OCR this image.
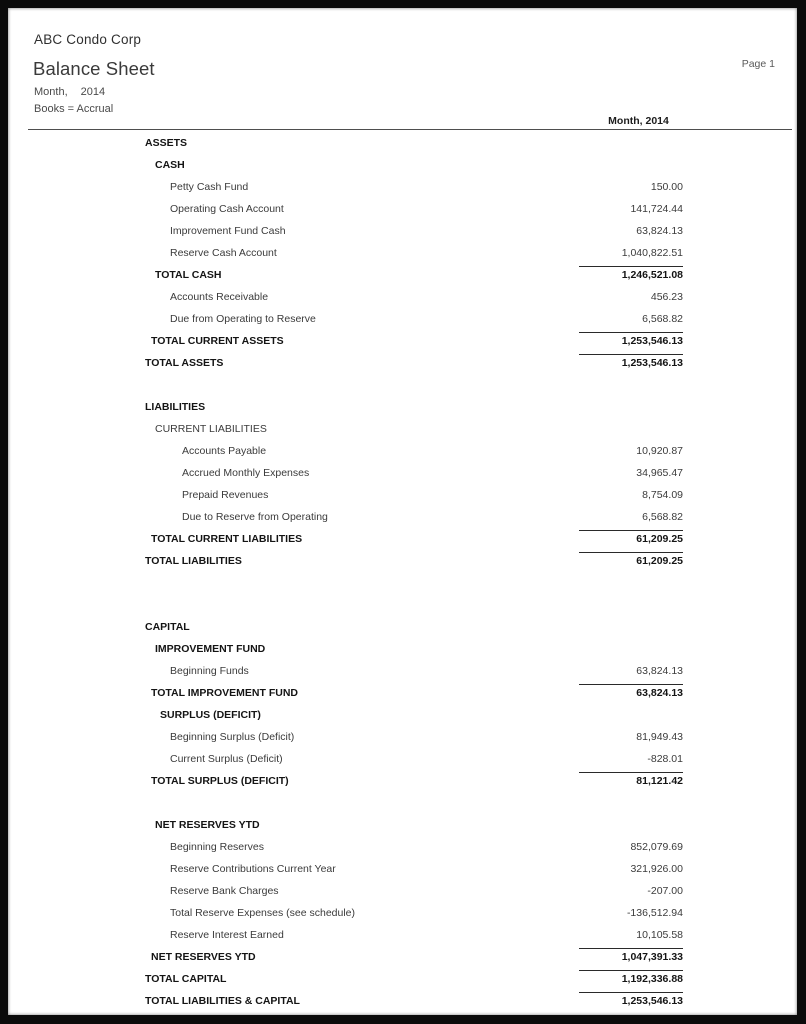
ABC Condo Corp
Balance Sheet
Month, 2014
Books = Accrual
Page 1
Month, 2014
ASSETS
CASH
Petty Cash Fund	150.00
Operating Cash Account	141,724.44
Improvement Fund Cash	63,824.13
Reserve Cash Account	1,040,822.51
TOTAL CASH	1,246,521.08
Accounts Receivable	456.23
Due from Operating to Reserve	6,568.82
TOTAL CURRENT ASSETS	1,253,546.13
TOTAL ASSETS	1,253,546.13
LIABILITIES
CURRENT LIABILITIES
Accounts Payable	10,920.87
Accrued Monthly Expenses	34,965.47
Prepaid Revenues	8,754.09
Due to Reserve from Operating	6,568.82
TOTAL CURRENT LIABILITIES	61,209.25
TOTAL LIABILITIES	61,209.25
CAPITAL
IMPROVEMENT FUND
Beginning Funds	63,824.13
TOTAL IMPROVEMENT FUND	63,824.13
SURPLUS (DEFICIT)
Beginning Surplus (Deficit)	81,949.43
Current Surplus (Deficit)	-828.01
TOTAL SURPLUS (DEFICIT)	81,121.42
NET RESERVES YTD
Beginning Reserves	852,079.69
Reserve Contributions Current Year	321,926.00
Reserve Bank Charges	-207.00
Total Reserve Expenses (see schedule)	-136,512.94
Reserve Interest Earned	10,105.58
NET RESERVES YTD	1,047,391.33
TOTAL CAPITAL	1,192,336.88
TOTAL LIABILITIES & CAPITAL	1,253,546.13
